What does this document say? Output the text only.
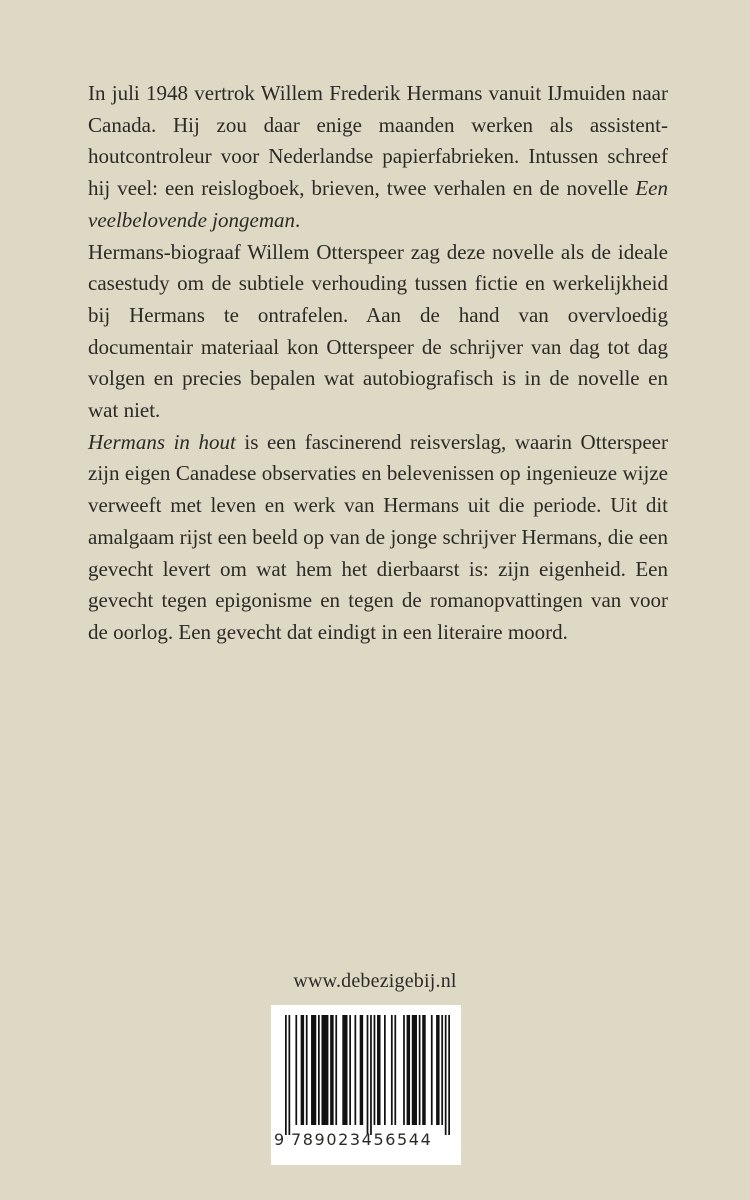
In juli 1948 vertrok Willem Frederik Hermans vanuit IJmuiden naar Canada. Hij zou daar enige maanden werken als assistenthoutcontroleur voor Nederlandse papierfabrieken. Intussen schreef hij veel: een reislogboek, brieven, twee verhalen en de novelle Een veelbelovende jongeman.

Hermans-biograaf Willem Otterspeer zag deze novelle als de ideale casestudy om de subtiele verhouding tussen fictie en werkelijkheid bij Hermans te ontrafelen. Aan de hand van overvloedig documentair materiaal kon Otterspeer de schrijver van dag tot dag volgen en precies bepalen wat autobiografisch is in de novelle en wat niet.

Hermans in hout is een fascinerend reisverslag, waarin Otterspeer zijn eigen Canadese observaties en belevenissen op ingenieuze wijze verweeft met leven en werk van Hermans uit die periode. Uit dit amalgaam rijst een beeld op van de jonge schrijver Hermans, die een gevecht levert om wat hem het dierbaarst is: zijn eigenheid. Een gevecht tegen epigonisme en tegen de romanopvattingen van voor de oorlog. Een gevecht dat eindigt in een literaire moord.

www.debezigebij.nl
9 789023456544
